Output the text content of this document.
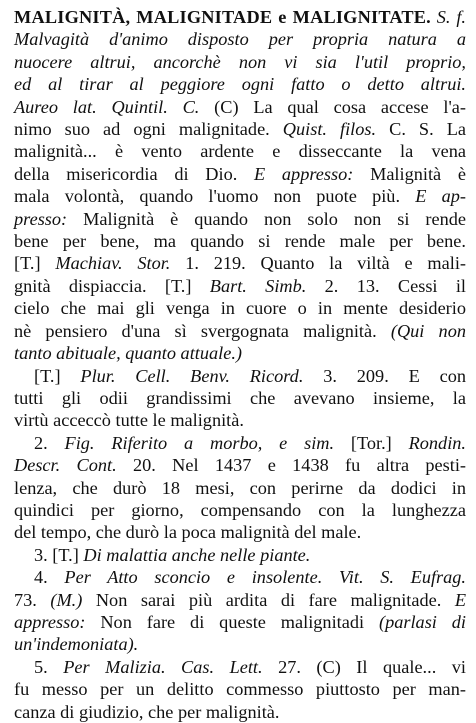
MALIGNITÀ, MALIGNITADE e MALIGNITATE. S. f.
Malvagità d'animo disposto per propria natura a
nuocere altrui, ancorchè non vi sia l'util proprio,
ed al tirar al peggiore ogni fatto o detto altrui.
Aureo lat. Quintil. C. (C) La qual cosa accese l'a-
nimo suo ad ogni malignitade. Quist. filos. C. S. La
malignità... è vento ardente e disseccante la vena
della misericordia di Dio. E appresso: Malignità è
mala volontà, quando l'uomo non puote più. E ap-
presso: Malignità è quando non solo non si rende
bene per bene, ma quando si rende male per bene.
[T.] Machiav. Stor. 1. 219. Quanto la viltà e mali-
gnità dispiaccia. [T.] Bart. Simb. 2. 13. Cessi il
cielo che mai gli venga in cuore o in mente desiderio
nè pensiero d'una sì svergognata malignità. (Qui non
tanto abituale, quanto attuale.)
[T.] Plur. Cell. Benv. Ricord. 3. 209. E con
tutti gli odii grandissimi che avevano insieme, la
virtù acceccò tutte le malignità.
2. Fig. Riferito a morbo, e sim. [Tor.] Rondin.
Descr. Cont. 20. Nel 1437 e 1438 fu altra pesti-
lenza, che durò 18 mesi, con perirne da dodici in
quindici per giorno, compensando con la lunghezza
del tempo, che durò la poca malignità del male.
3. [T.] Di malattia anche nelle piante.
4. Per Atto sconcio e insolente. Vit. S. Eufrag.
73. (M.) Non sarai più ardita di fare malignitade. E
appresso: Non fare di queste malignitadi (parlasi di
un'indemoniata).
5. Per Malizia. Cas. Lett. 27. (C) Il quale... vi
fu messo per un delitto commesso piuttosto per man-
canza di giudizio, che per malignità.
